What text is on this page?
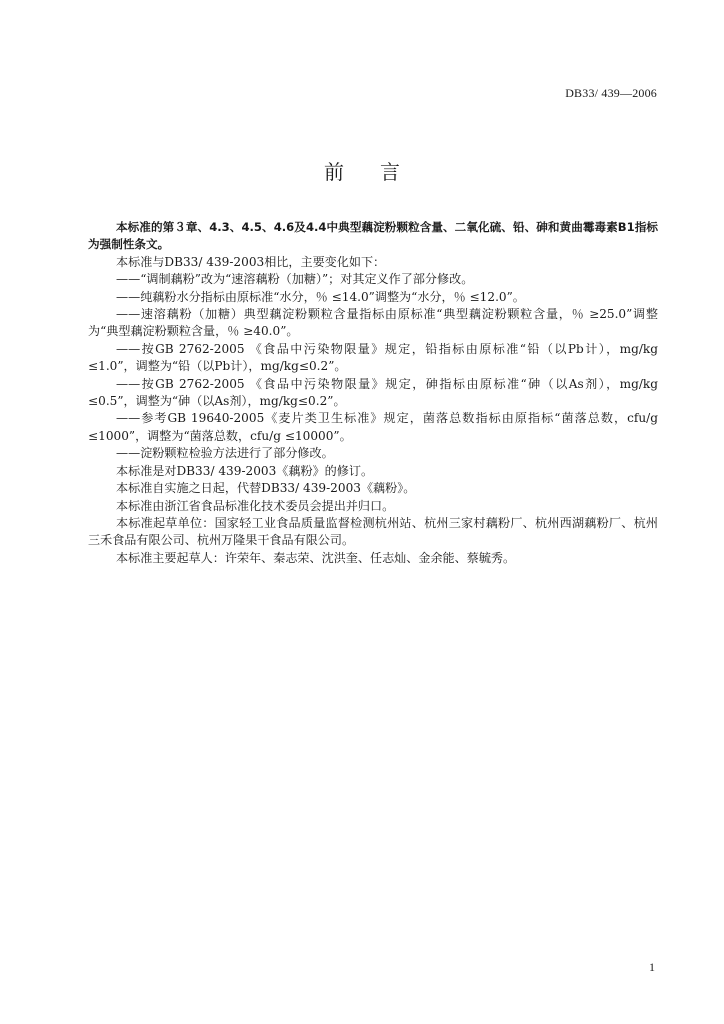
DB33/ 439—2006
前 言

本标准的第３章、4.3、4.5、4.6及4.4中典型藕淀粉颗粒含量、二氧化硫、铅、砷和黄曲霉毒素B1指标为强制性条文。

本标准与DB33/ 439-2003相比，主要变化如下：

——“调制藕粉”改为“速溶藕粉（加糖）”；对其定义作了部分修改。

——纯藕粉水分指标由原标准“水分，％ ≤14.0”调整为“水分，％ ≤12.0”。

——速溶藕粉（加糖）典型藕淀粉颗粒含量指标由原标准“典型藕淀粉颗粒含量，％ ≥25.0”调整为“典型藕淀粉颗粒含量，％ ≥40.0”。

——按GB 2762-2005 《食品中污染物限量》规定，铅指标由原标准“铅（以Pb计），mg/kg ≤1.0”，调整为“铅（以Pb计），mg/kg≤0.2”。

——按GB 2762-2005 《食品中污染物限量》规定，砷指标由原标准“砷（以As剂），mg/kg ≤0.5”，调整为“砷（以As剂），mg/kg≤0.2”。

——参考GB 19640-2005《麦片类卫生标准》规定，菌落总数指标由原指标“菌落总数，cfu/g ≤1000”，调整为“菌落总数，cfu/g ≤10000”。

——淀粉颗粒检验方法进行了部分修改。

本标准是对DB33/ 439-2003《藕粉》的修订。

本标准自实施之日起，代替DB33/ 439-2003《藕粉》。

本标准由浙江省食品标准化技术委员会提出并归口。

本标准起草单位：国家轻工业食品质量监督检测杭州站、杭州三家村藕粉厂、杭州西湖藕粉厂、杭州三禾食品有限公司、杭州万隆果干食品有限公司。

本标准主要起草人：许荣年、秦志荣、沈洪奎、任志灿、金余能、蔡毓秀。

1
